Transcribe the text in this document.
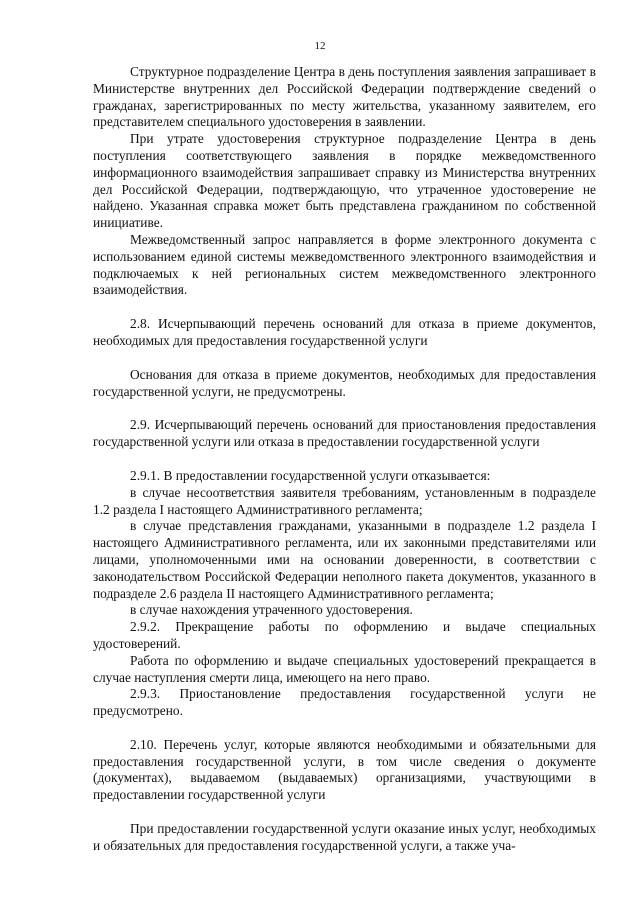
12

Структурное подразделение Центра в день поступления заявления запрашивает в Министерстве внутренних дел Российской Федерации подтверждение сведений о гражданах, зарегистрированных по месту жительства, указанному заявителем, его представителем специального удостоверения в заявлении.

При утрате удостоверения структурное подразделение Центра в день поступления соответствующего заявления в порядке межведомственного информационного взаимодействия запрашивает справку из Министерства внутренних дел Российской Федерации, подтверждающую, что утраченное удостоверение не найдено. Указанная справка может быть представлена гражданином по собственной инициативе.

Межведомственный запрос направляется в форме электронного документа с использованием единой системы межведомственного электронного взаимодействия и подключаемых к ней региональных систем межведомственного электронного взаимодействия.

2.8. Исчерпывающий перечень оснований для отказа в приеме документов, необходимых для предоставления государственной услуги

Основания для отказа в приеме документов, необходимых для предоставления государственной услуги, не предусмотрены.

2.9. Исчерпывающий перечень оснований для приостановления предоставления государственной услуги или отказа в предоставлении государственной услуги

2.9.1. В предоставлении государственной услуги отказывается:

в случае несоответствия заявителя требованиям, установленным в подразделе 1.2 раздела I настоящего Административного регламента;

в случае представления гражданами, указанными в подразделе 1.2 раздела I настоящего Административного регламента, или их законными представителями или лицами, уполномоченными ими на основании доверенности, в соответствии с законодательством Российской Федерации неполного пакета документов, указанного в подразделе 2.6 раздела II настоящего Административного регламента;

в случае нахождения утраченного удостоверения.

2.9.2. Прекращение работы по оформлению и выдаче специальных удостоверений.

Работа по оформлению и выдаче специальных удостоверений прекращается в случае наступления смерти лица, имеющего на него право.

2.9.3. Приостановление предоставления государственной услуги не предусмотрено.

2.10. Перечень услуг, которые являются необходимыми и обязательными для предоставления государственной услуги, в том числе сведения о документе (документах), выдаваемом (выдаваемых) организациями, участвующими в предоставлении государственной услуги

При предоставлении государственной услуги оказание иных услуг, необходимых и обязательных для предоставления государственной услуги, а также уча-
